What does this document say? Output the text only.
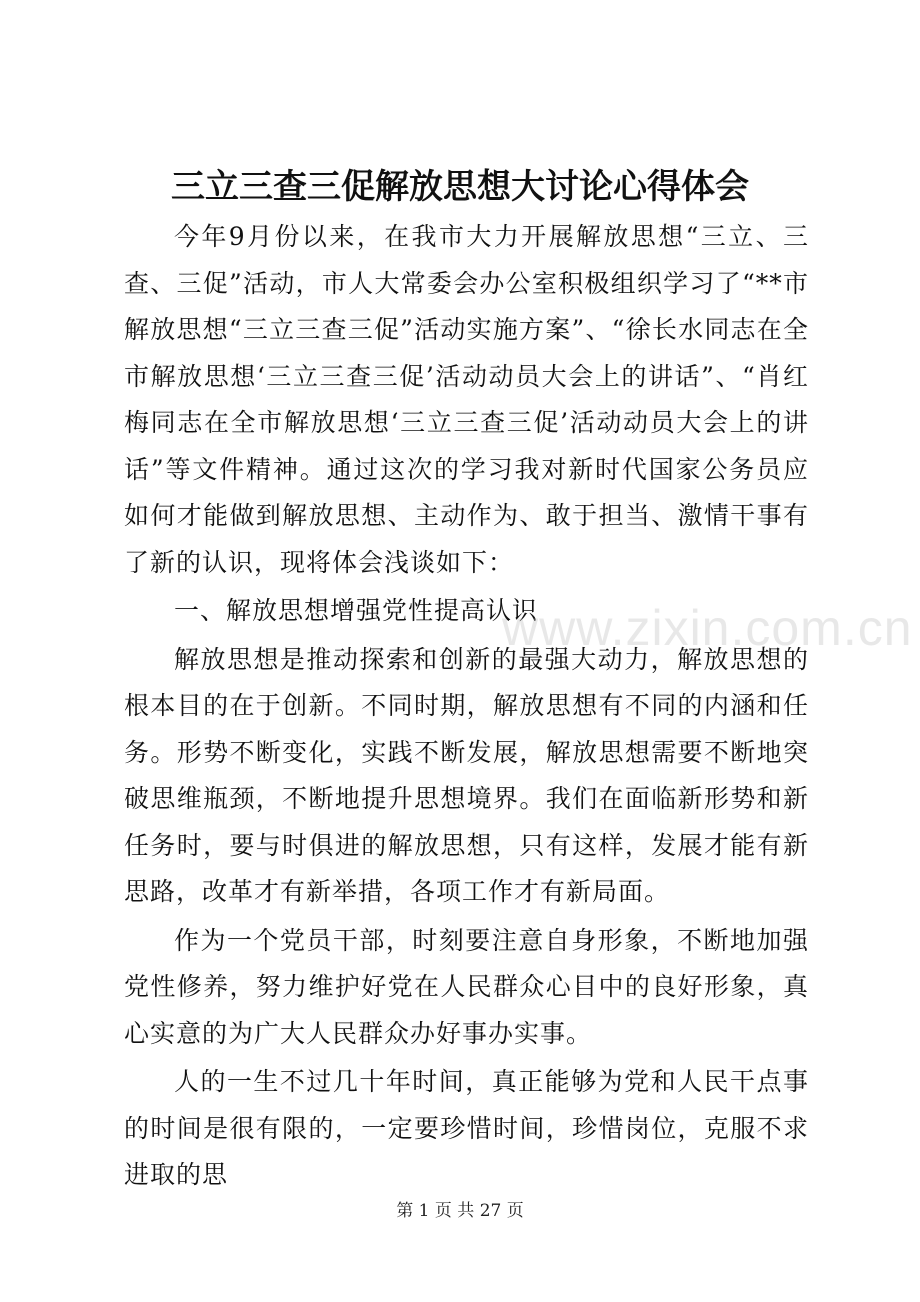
三立三查三促解放思想大讨论心得体会

今年9月份以来，在我市大力开展解放思想“三立、三查、三促”活动，市人大常委会办公室积极组织学习了“**市解放思想“三立三查三促”活动实施方案”、“徐长水同志在全市解放思想‘三立三查三促’活动动员大会上的讲话”、“肖红梅同志在全市解放思想‘三立三查三促’活动动员大会上的讲话”等文件精神。通过这次的学习我对新时代国家公务员应如何才能做到解放思想、主动作为、敢于担当、激情干事有了新的认识，现将体会浅谈如下：

一、解放思想增强党性提高认识

解放思想是推动探索和创新的最强大动力，解放思想的根本目的在于创新。不同时期，解放思想有不同的内涵和任务。形势不断变化，实践不断发展，解放思想需要不断地突破思维瓶颈，不断地提升思想境界。我们在面临新形势和新任务时，要与时俱进的解放思想，只有这样，发展才能有新思路，改革才有新举措，各项工作才有新局面。

作为一个党员干部，时刻要注意自身形象，不断地加强党性修养，努力维护好党在人民群众心目中的良好形象，真心实意的为广大人民群众办好事办实事。

人的一生不过几十年时间，真正能够为党和人民干点事的时间是很有限的，一定要珍惜时间，珍惜岗位，克服不求进取的思

www.zixin.com.cn
第 1 页 共 27 页
